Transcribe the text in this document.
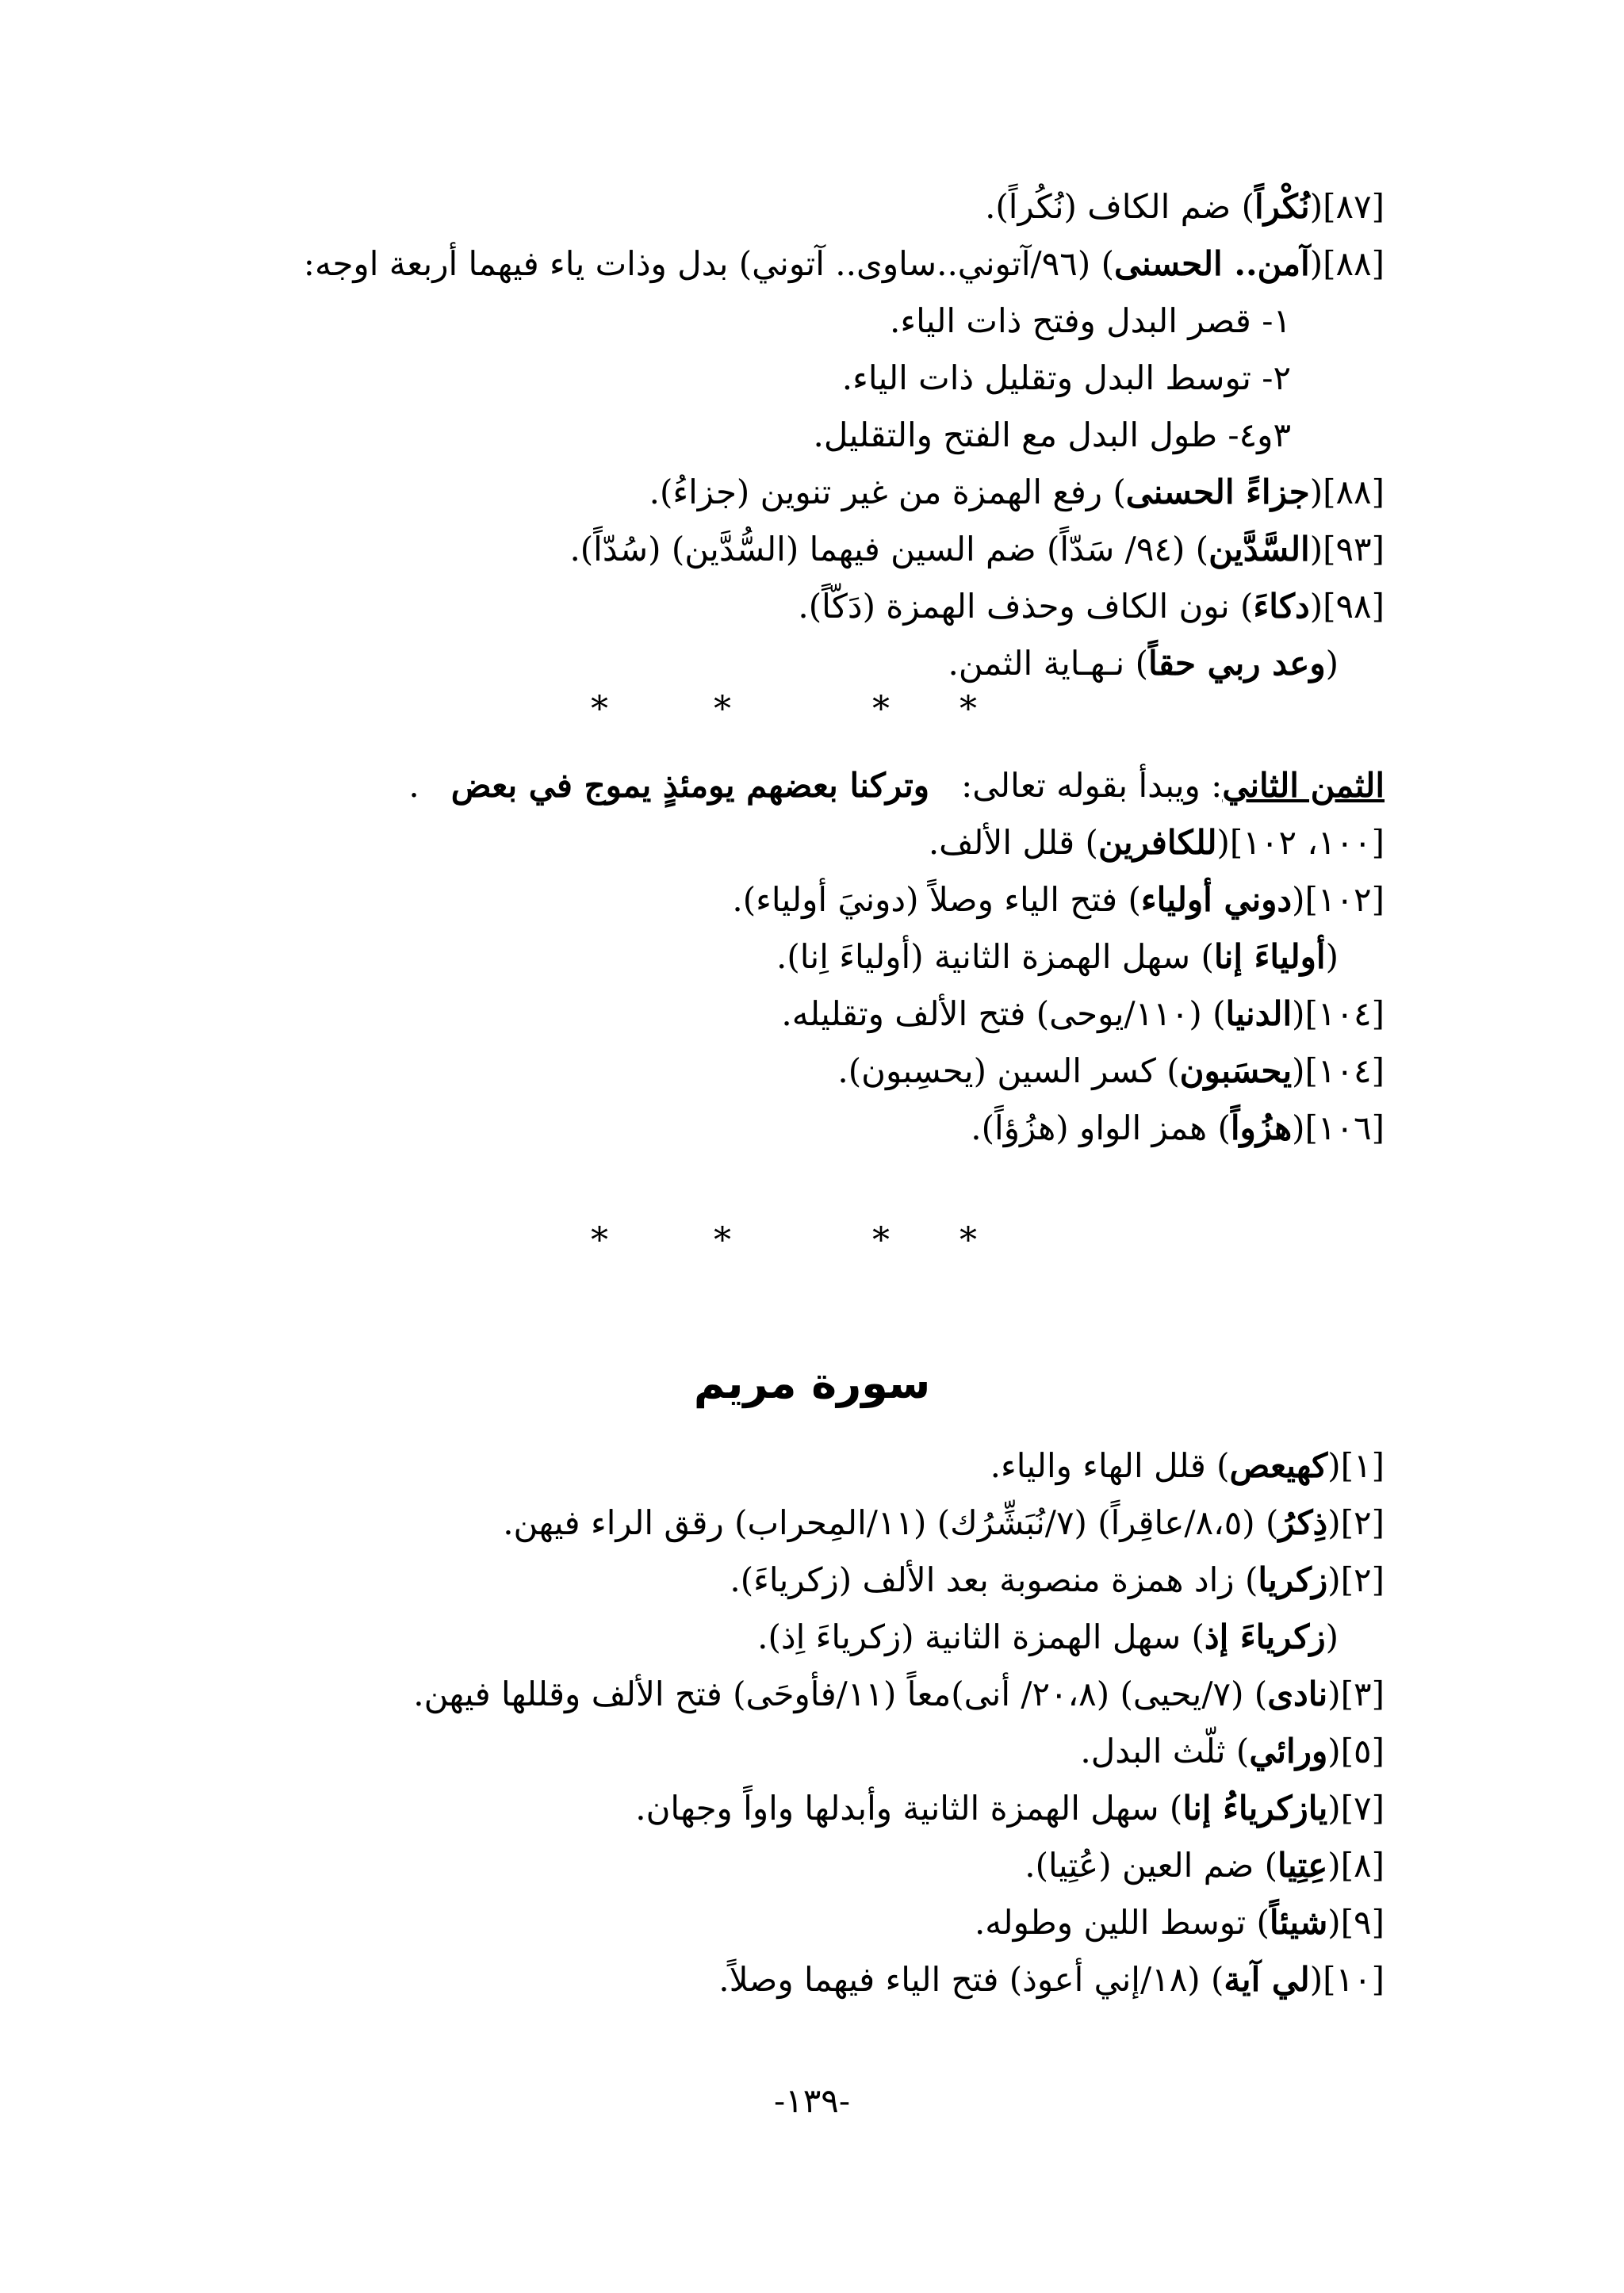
[٨٧](نُكْراً) ضم الكاف (نُكُراً).
[٨٨](آمن.. الحسنى) (٩٦/آتوني..ساوى.. آتوني) بدل وذات ياء فيهما أربعة اوجه:
١- قصر البدل وفتح ذات الياء.
٢- توسط البدل وتقليل ذات الياء.
٣و٤- طول البدل مع الفتح والتقليل.
[٨٨](جزاءً الحسنى) رفع الهمزة من غير تنوين (جزاءُ).
[٩٣](السَّدَّين) (٩٤/ سَدّاً) ضم السين فيهما (السُّدَّين) (سُدّاً).
[٩٨](دكاءَ) نون الكاف وحذف الهمزة (دَكّاً).
(وعد ربي حقاً) نـهـاية الثمن.
*	*	* *
الثمن الثاني: ويبدأ بقوله تعالى:   وتركنا بعضهم يومئذٍ يموج في بعض   .
[١٠٠، ١٠٢](للكافرين) قلل الألف.
[١٠٢](دوني أولياء) فتح الياء وصلاً (دونيَ أولياء).
(أولياءَ إنا) سهل الهمزة الثانية (أولياءَ اِنا).
[١٠٤](الدنيا) (١١٠/يوحى) فتح الألف وتقليله.
[١٠٤](يحسَبون) كسر السين (يحسِبون).
[١٠٦](هزُواً) همز الواو (هزُؤاً).
*	*	* *
سورة مريم
[١](كهيعص) قلل الهاء والياء.
[٢](ذِكرُ) (٨،٥/عاقِراً) (٧/نُبَشِّرُك) (١١/المِحراب) رقق الراء فيهن.
[٢](زكريا) زاد همزة منصوبة بعد الألف (زكرياءَ).
(زكرياءَ إذ) سهل الهمزة الثانية (زكرياءَ اِذ).
[٣](نادى) (٧/يحيى) (٢٠،٨/ أنى)معاً (١١/فأوحَى) فتح الألف وقللها فيهن.
[٥](ورائي) ثلّث البدل.
[٧](يازكرياءُ إنا) سهل الهمزة الثانية وأبدلها واواً وجهان.
[٨](عِتِيا) ضم العين (عُتِيا).
[٩](شيئاً) توسط اللين وطوله.
[١٠](لي آية) (١٨/إني أعوذ) فتح الياء فيهما وصلاً.
-١٣٩-
